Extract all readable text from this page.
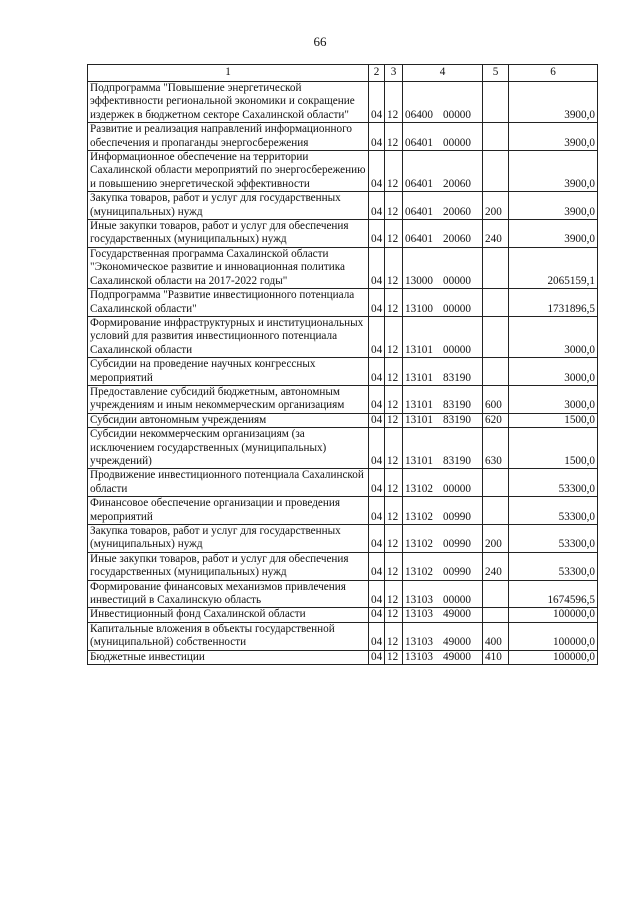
66
1	2	3	4	5	6
Подпрограмма "Повышение энергетической эффективности региональной экономики и сокращение издержек в бюджетном секторе Сахалинской области"	04	12	06400 00000		3900,0
Развитие и реализация направлений информационного обеспечения и пропаганды энергосбережения	04	12	06401 00000		3900,0
Информационное обеспечение на территории Сахалинской области мероприятий по энергосбережению и повышению энергетической эффективности	04	12	06401 20060		3900,0
Закупка товаров, работ и услуг для государственных (муниципальных) нужд	04	12	06401 20060	200	3900,0
Иные закупки товаров, работ и услуг для обеспечения государственных (муниципальных) нужд	04	12	06401 20060	240	3900,0
Государственная программа Сахалинской области "Экономическое развитие и инновационная политика Сахалинской области на 2017-2022 годы"	04	12	13000 00000		2065159,1
Подпрограмма "Развитие инвестиционного потенциала Сахалинской области"	04	12	13100 00000		1731896,5
Формирование инфраструктурных и институциональных условий для развития инвестиционного потенциала Сахалинской области	04	12	13101 00000		3000,0
Субсидии на проведение научных конгрессных мероприятий	04	12	13101 83190		3000,0
Предоставление субсидий бюджетным, автономным учреждениям и иным некоммерческим организациям	04	12	13101 83190	600	3000,0
Субсидии автономным учреждениям	04	12	13101 83190	620	1500,0
Субсидии некоммерческим организациям (за исключением государственных (муниципальных) учреждений)	04	12	13101 83190	630	1500,0
Продвижение инвестиционного потенциала Сахалинской области	04	12	13102 00000		53300,0
Финансовое обеспечение организации и проведения мероприятий	04	12	13102 00990		53300,0
Закупка товаров, работ и услуг для государственных (муниципальных) нужд	04	12	13102 00990	200	53300,0
Иные закупки товаров, работ и услуг для обеспечения государственных (муниципальных) нужд	04	12	13102 00990	240	53300,0
Формирование финансовых механизмов привлечения инвестиций в Сахалинскую область	04	12	13103 00000		1674596,5
Инвестиционный фонд Сахалинской области	04	12	13103 49000		100000,0
Капитальные вложения в объекты государственной (муниципальной) собственности	04	12	13103 49000	400	100000,0
Бюджетные инвестиции	04	12	13103 49000	410	100000,0
